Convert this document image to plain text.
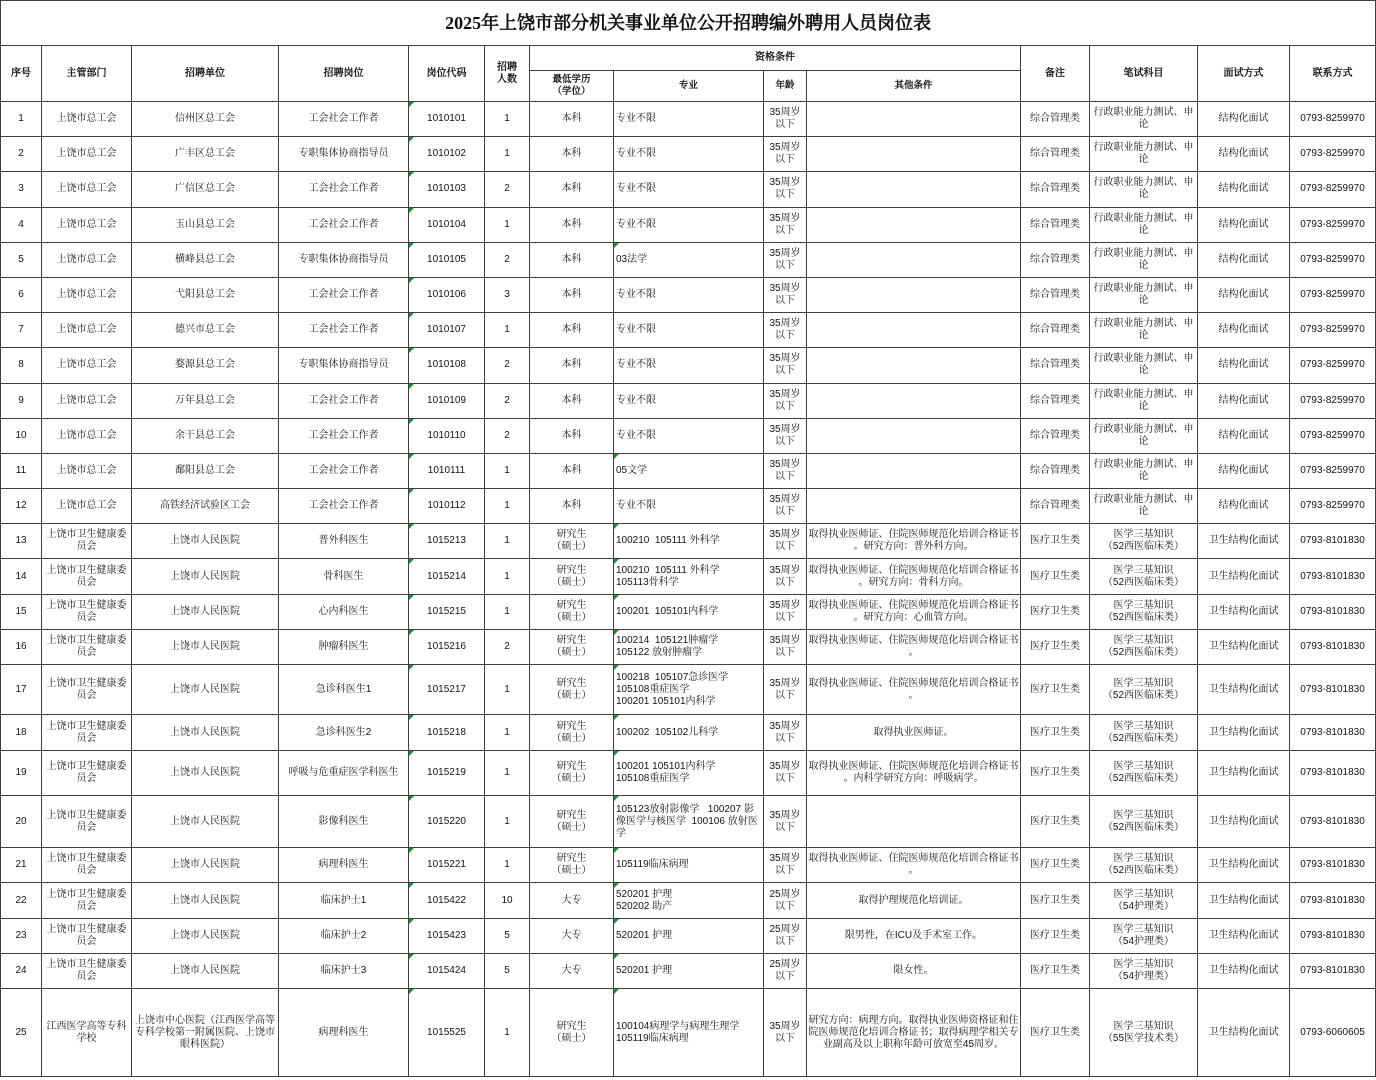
2025年上饶市部分机关事业单位公开招聘编外聘用人员岗位表													
序号	主管部门	招聘单位	招聘岗位	岗位代码	招聘人数	资格条件				备注	笔试科目	面试方式	联系方式
						最低学历（学位）	专业	年龄	其他条件				
1	上饶市总工会	信州区总工会	工会社会工作者	1010101	1	本科	专业不限	35周岁以下		综合管理类	行政职业能力测试、申论	结构化面试	0793-8259970
2	上饶市总工会	广丰区总工会	专职集体协商指导员	1010102	1	本科	专业不限	35周岁以下		综合管理类	行政职业能力测试、申论	结构化面试	0793-8259970
3	上饶市总工会	广信区总工会	工会社会工作者	1010103	2	本科	专业不限	35周岁以下		综合管理类	行政职业能力测试、申论	结构化面试	0793-8259970
4	上饶市总工会	玉山县总工会	工会社会工作者	1010104	1	本科	专业不限	35周岁以下		综合管理类	行政职业能力测试、申论	结构化面试	0793-8259970
5	上饶市总工会	横峰县总工会	专职集体协商指导员	1010105	2	本科	03法学	35周岁以下		综合管理类	行政职业能力测试、申论	结构化面试	0793-8259970
6	上饶市总工会	弋阳县总工会	工会社会工作者	1010106	3	本科	专业不限	35周岁以下		综合管理类	行政职业能力测试、申论	结构化面试	0793-8259970
7	上饶市总工会	德兴市总工会	工会社会工作者	1010107	1	本科	专业不限	35周岁以下		综合管理类	行政职业能力测试、申论	结构化面试	0793-8259970
8	上饶市总工会	婺源县总工会	专职集体协商指导员	1010108	2	本科	专业不限	35周岁以下		综合管理类	行政职业能力测试、申论	结构化面试	0793-8259970
9	上饶市总工会	万年县总工会	工会社会工作者	1010109	2	本科	专业不限	35周岁以下		综合管理类	行政职业能力测试、申论	结构化面试	0793-8259970
10	上饶市总工会	余干县总工会	工会社会工作者	1010110	2	本科	专业不限	35周岁以下		综合管理类	行政职业能力测试、申论	结构化面试	0793-8259970
11	上饶市总工会	鄱阳县总工会	工会社会工作者	1010111	1	本科	05文学	35周岁以下		综合管理类	行政职业能力测试、申论	结构化面试	0793-8259970
12	上饶市总工会	高铁经济试验区工会	工会社会工作者	1010112	1	本科	专业不限	35周岁以下		综合管理类	行政职业能力测试、申论	结构化面试	0793-8259970
13	上饶市卫生健康委员会	上饶市人民医院	普外科医生	1015213	1	研究生
（硕士）	100210  105111 外科学	35周岁以下	取得执业医师证、住院医师规范化培训合格证书。研究方向：普外科方向。	医疗卫生类	医学三基知识
（52西医临床类）	卫生结构化面试	0793-8101830
14	上饶市卫生健康委员会	上饶市人民医院	骨科医生	1015214	1	研究生
（硕士）	100210  105111 外科学
105113骨科学	35周岁以下	取得执业医师证、住院医师规范化培训合格证书。研究方向：骨科方向。	医疗卫生类	医学三基知识
（52西医临床类）	卫生结构化面试	0793-8101830
15	上饶市卫生健康委员会	上饶市人民医院	心内科医生	1015215	1	研究生
（硕士）	100201  105101内科学	35周岁以下	取得执业医师证、住院医师规范化培训合格证书。研究方向：心血管方向。	医疗卫生类	医学三基知识
（52西医临床类）	卫生结构化面试	0793-8101830
16	上饶市卫生健康委员会	上饶市人民医院	肿瘤科医生	1015216	2	研究生
（硕士）	100214  105121肿瘤学
105122 放射肿瘤学	35周岁以下	取得执业医师证、住院医师规范化培训合格证书。	医疗卫生类	医学三基知识
（52西医临床类）	卫生结构化面试	0793-8101830
17	上饶市卫生健康委员会	上饶市人民医院	急诊科医生1	1015217	1	研究生
（硕士）	100218  105107急诊医学
105108重症医学
100201 105101内科学	35周岁以下	取得执业医师证、住院医师规范化培训合格证书。	医疗卫生类	医学三基知识
（52西医临床类）	卫生结构化面试	0793-8101830
18	上饶市卫生健康委员会	上饶市人民医院	急诊科医生2	1015218	1	研究生
（硕士）	100202  105102儿科学	35周岁以下	取得执业医师证。	医疗卫生类	医学三基知识
（52西医临床类）	卫生结构化面试	0793-8101830
19	上饶市卫生健康委员会	上饶市人民医院	呼吸与危重症医学科医生	1015219	1	研究生
（硕士）	100201 105101内科学
105108重症医学	35周岁以下	取得执业医师证、住院医师规范化培训合格证书。内科学研究方向：呼吸病学。	医疗卫生类	医学三基知识
（52西医临床类）	卫生结构化面试	0793-8101830
20	上饶市卫生健康委员会	上饶市人民医院	影像科医生	1015220	1	研究生
（硕士）	105123放射影像学   100207 影像医学与核医学  100106 放射医学	35周岁以下		医疗卫生类	医学三基知识
（52西医临床类）	卫生结构化面试	0793-8101830
21	上饶市卫生健康委员会	上饶市人民医院	病理科医生	1015221	1	研究生
（硕士）	105119临床病理	35周岁以下	取得执业医师证、住院医师规范化培训合格证书。	医疗卫生类	医学三基知识
（52西医临床类）	卫生结构化面试	0793-8101830
22	上饶市卫生健康委员会	上饶市人民医院	临床护士1	1015422	10	大专	520201 护理
520202 助产	25周岁以下	取得护理规范化培训证。	医疗卫生类	医学三基知识
（54护理类）	卫生结构化面试	0793-8101830
23	上饶市卫生健康委员会	上饶市人民医院	临床护士2	1015423	5	大专	520201 护理	25周岁以下	限男性，在ICU及手术室工作。	医疗卫生类	医学三基知识
（54护理类）	卫生结构化面试	0793-8101830
24	上饶市卫生健康委员会	上饶市人民医院	临床护士3	1015424	5	大专	520201 护理	25周岁以下	限女性。	医疗卫生类	医学三基知识
（54护理类）	卫生结构化面试	0793-8101830
25	江西医学高等专科学校	上饶市中心医院（江西医学高等专科学校第一附属医院、上饶市眼科医院）	病理科医生	1015525	1	研究生
（硕士）	100104病理学与病理生理学
105119临床病理	35周岁以下	研究方向：病理方向。取得执业医师资格证和住院医师规范化培训合格证书；取得病理学相关专业副高及以上职称年龄可放宽至45周岁。	医疗卫生类	医学三基知识
（55医学技术类）	卫生结构化面试	0793-6060605
